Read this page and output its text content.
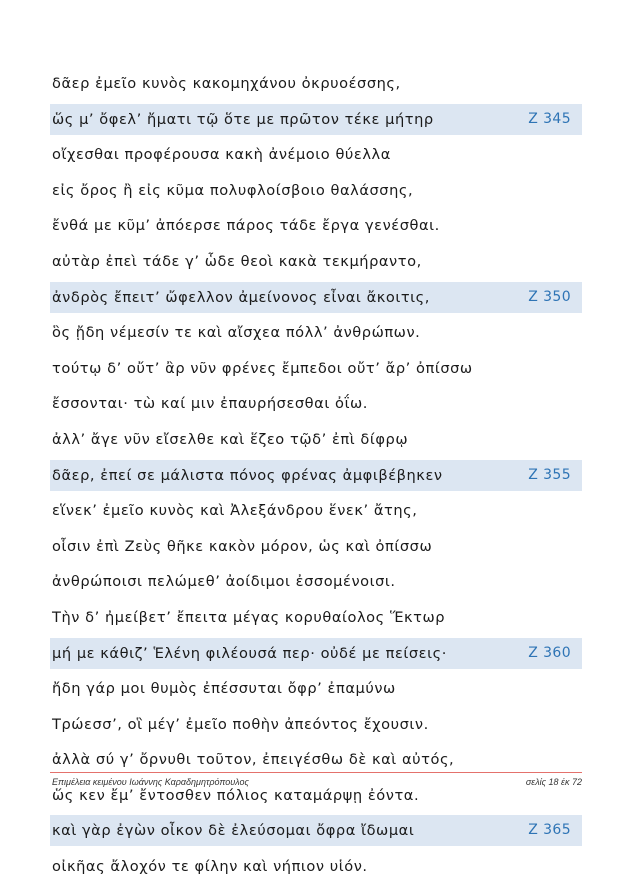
δᾶερ ἐμεῖο κυνὸς κακομηχάνου ὀκρυοέσσης,
ὥς μ’ ὄφελ’ ἤματι τῷ ὅτε με πρῶτον τέκε μήτηρ	Ζ 345
οἴχεσθαι προφέρουσα κακὴ ἀνέμοιο θύελλα
εἰς ὄρος ἢ εἰς κῦμα πολυφλοίσβοιο θαλάσσης,
ἔνθά με κῦμ’ ἀπόερσε πάρος τάδε ἔργα γενέσθαι.
αὐτὰρ ἐπεὶ τάδε γ’ ὧδε θεοὶ κακὰ τεκμήραντο,
ἀνδρὸς ἔπειτ’ ὤφελλον ἀμείνονος εἶναι ἄκοιτις,	Ζ 350
ὃς ᾔδη νέμεσίν τε καὶ αἴσχεα πόλλ’ ἀνθρώπων.
τούτῳ δ’ οὔτ’ ἂρ νῦν φρένες ἔμπεδοι οὔτ’ ἄρ’ ὀπίσσω
ἔσσονται· τὼ καί μιν ἐπαυρήσεσθαι ὀΐω.
ἀλλ’ ἄγε νῦν εἴσελθε καὶ ἕζεο τῷδ’ ἐπὶ δίφρῳ
δᾶερ, ἐπεί σε μάλιστα πόνος φρένας ἀμφιβέβηκεν	Ζ 355
εἵνεκ’ ἐμεῖο κυνὸς καὶ Ἀλεξάνδρου ἕνεκ’ ἄτης,
οἷσιν ἐπὶ Ζεὺς θῆκε κακὸν μόρον, ὡς καὶ ὀπίσσω
ἀνθρώποισι πελώμεθ’ ἀοίδιμοι ἐσσομένοισι.
Τὴν δ’ ἠμείβετ’ ἔπειτα μέγας κορυθαίολος Ἕκτωρ
μή με κάθιζ’ Ἑλένη φιλέουσά περ· οὐδέ με πείσεις·	Ζ 360
ἤδη γάρ μοι θυμὸς ἐπέσσυται ὄφρ’ ἐπαμύνω
Τρώεσσ’, οἳ μέγ’ ἐμεῖο ποθὴν ἀπεόντος ἔχουσιν.
ἀλλὰ σύ γ’ ὄρνυθι τοῦτον, ἐπειγέσθω δὲ καὶ αὐτός,
ὥς κεν ἔμ’ ἔντοσθεν πόλιος καταμάρψῃ ἐόντα.
καὶ γὰρ ἐγὼν οἶκον δὲ ἐλεύσομαι ὄφρα ἴδωμαι	Ζ 365
οἰκῆας ἄλοχόν τε φίλην καὶ νήπιον υἱόν.
Επιμέλεια κειμένου Ιωάννης Καραδημητρόπουλος	σελίς 18 έκ 72
